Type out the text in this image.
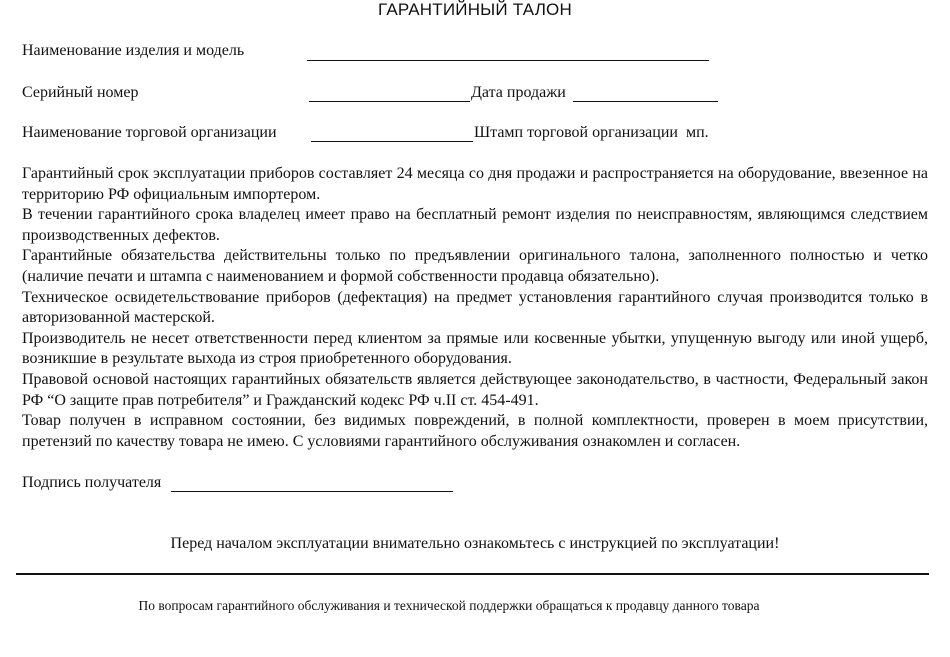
ГАРАНТИЙНЫЙ ТАЛОН
Наименование изделия и модель
Серийный номер	Дата продажи
Наименование торговой организации	Штамп торговой организации  мп.

Гарантийный срок эксплуатации приборов составляет 24 месяца со дня продажи и распространяется на оборудование, ввезенное на территорию РФ официальным импортером.

В течении гарантийного срока владелец имеет право на бесплатный ремонт изделия по неисправностям, являющимся следствием производственных дефектов.

Гарантийные обязательства действительны только по предъявлении оригинального талона, заполненного полностью и четко (наличие печати и штампа с наименованием и формой собственности продавца обязательно).

Техническое освидетельствование приборов (дефектация) на предмет установления гарантийного случая производится только в авторизованной мастерской.

Производитель не несет ответственности перед клиентом за прямые или косвенные убытки, упущенную выгоду или иной ущерб, возникшие в результате выхода из строя приобретенного оборудования.

Правовой основой настоящих гарантийных обязательств является действующее законодательство, в частности, Федеральный закон РФ “О защите прав потребителя” и Гражданский кодекс РФ ч.II ст. 454-491.

Товар получен в исправном состоянии, без видимых повреждений, в полной комплектности, проверен в моем присутствии, претензий по качеству товара не имею. С условиями гарантийного обслуживания ознакомлен и согласен.

Подпись получателя
Перед началом эксплуатации внимательно ознакомьтесь с инструкцией по эксплуатации!
По вопросам гарантийного обслуживания и технической поддержки обращаться к продавцу данного товара
